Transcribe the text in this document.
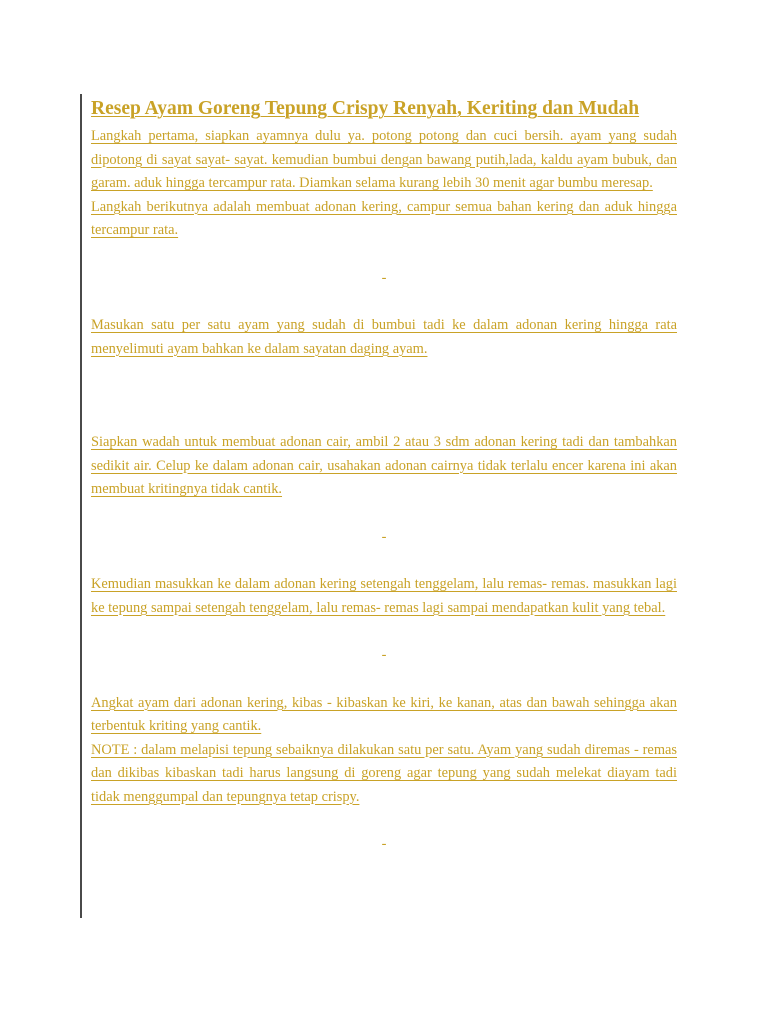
Resep Ayam Goreng Tepung Crispy Renyah, Keriting dan Mudah

Langkah pertama, siapkan ayamnya dulu ya. potong potong dan cuci bersih. ayam yang sudah dipotong di sayat sayat- sayat. kemudian bumbui dengan bawang putih,lada, kaldu ayam bubuk, dan garam. aduk hingga tercampur rata. Diamkan selama kurang lebih 30 menit agar bumbu meresap.

Langkah berikutnya adalah membuat adonan kering, campur semua bahan kering dan aduk hingga tercampur rata.

-

Masukan satu per satu ayam yang sudah di bumbui tadi ke dalam adonan kering hingga rata menyelimuti ayam bahkan ke dalam sayatan daging ayam.

Siapkan wadah untuk membuat adonan cair, ambil 2 atau 3 sdm adonan kering tadi dan tambahkan sedikit air. Celup ke dalam adonan cair, usahakan adonan cairnya tidak terlalu encer karena ini akan membuat kritingnya tidak cantik.

-

Kemudian masukkan ke dalam adonan kering setengah tenggelam, lalu remas- remas. masukkan lagi ke tepung sampai setengah tenggelam, lalu remas- remas lagi sampai mendapatkan kulit yang tebal.

-

Angkat ayam dari adonan kering, kibas - kibaskan ke kiri, ke kanan, atas dan bawah sehingga akan terbentuk kriting yang cantik.

NOTE : dalam melapisi tepung sebaiknya dilakukan satu per satu. Ayam yang sudah diremas - remas dan dikibas kibaskan tadi harus langsung di goreng agar tepung yang sudah melekat diayam tadi tidak menggumpal dan tepungnya tetap crispy.

-
